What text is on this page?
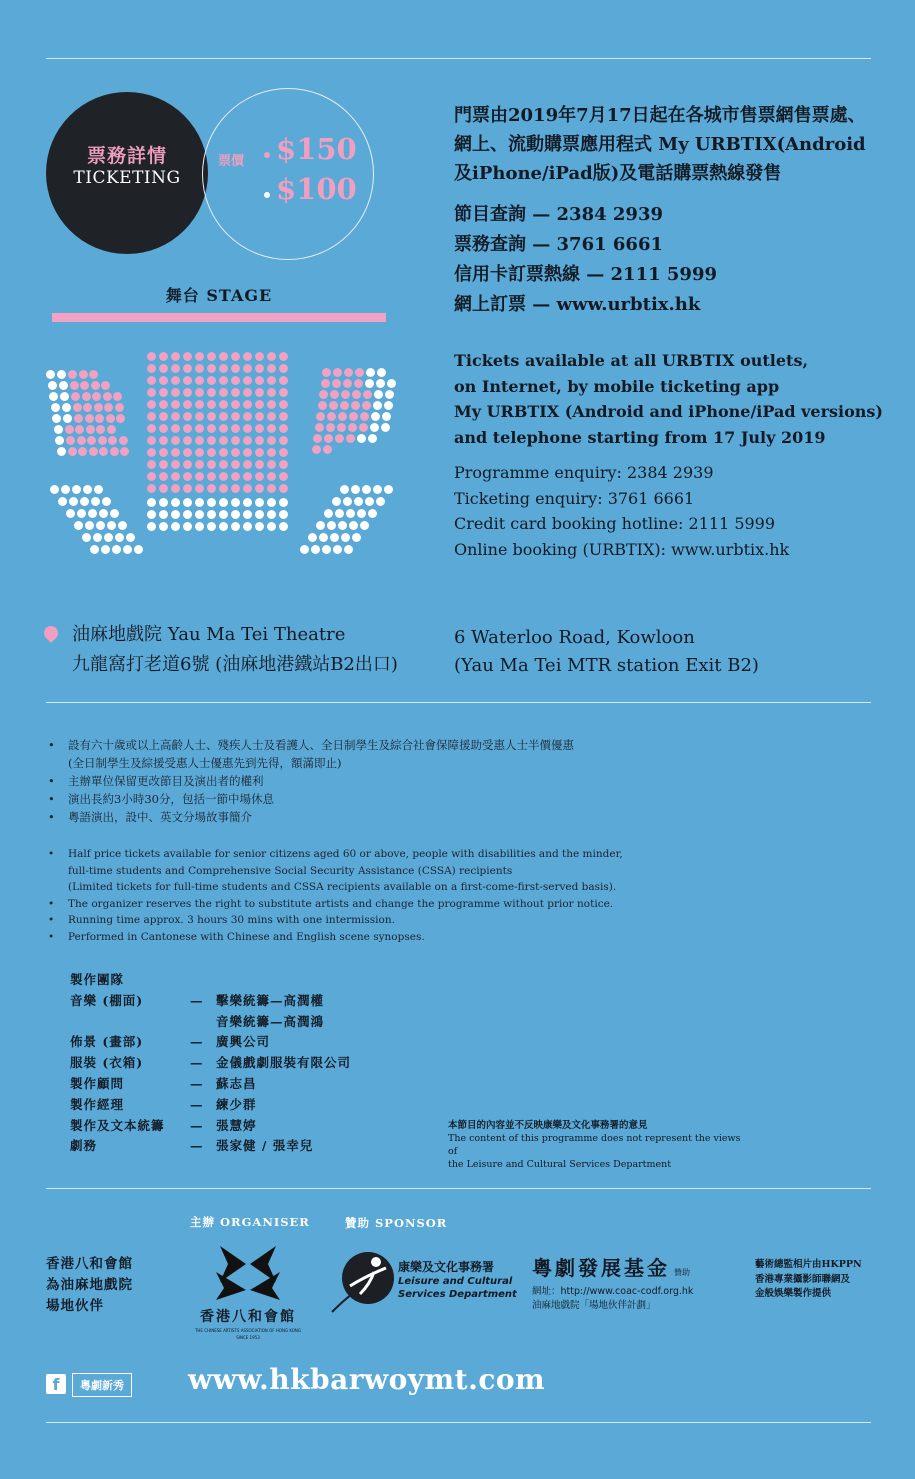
票務詳情
TICKETING
票價	$150
$100
舞台 STAGE
門票由2019年7月17日起在各城市售票網售票處、
網上、流動購票應用程式 My URBTIX(Android
及iPhone/iPad版)及電話購票熱線發售
節目查詢 — 2384 2939
票務查詢 — 3761 6661
信用卡訂票熱線 — 2111 5999
網上訂票 — www.urbtix.hk
Tickets available at all URBTIX outlets,
on Internet, by mobile ticketing app
My URBTIX (Android and iPhone/iPad versions)
and telephone starting from 17 July 2019
Programme enquiry: 2384 2939
Ticketing enquiry: 3761 6661
Credit card booking hotline: 2111 5999
Online booking (URBTIX): www.urbtix.hk
油麻地戲院 Yau Ma Tei Theatre
九龍窩打老道6號 (油麻地港鐵站B2出口)
6 Waterloo Road, Kowloon
(Yau Ma Tei MTR station Exit B2)
• 設有六十歲或以上高齡人士、殘疾人士及看護人、全日制學生及綜合社會保障援助受惠人士半價優惠
(全日制學生及綜援受惠人士優惠先到先得，額滿即止)
• 主辦單位保留更改節目及演出者的權利
• 演出長約3小時30分，包括一節中場休息
• 粵語演出，設中、英文分場故事簡介
• Half price tickets available for senior citizens aged 60 or above, people with disabilities and the minder,
full-time students and Comprehensive Social Security Assistance (CSSA) recipients
(Limited tickets for full-time students and CSSA recipients available on a first-come-first-served basis).
• The organizer reserves the right to substitute artists and change the programme without prior notice.
• Running time approx. 3 hours 30 mins with one intermission.
• Performed in Cantonese with Chinese and English scene synopses.
製作團隊
音樂 (棚面)	— 擊樂統籌—高潤權
音樂統籌—高潤鴻
佈景 (畫部)	— 廣興公司
服裝 (衣箱)	— 金儀戲劇服裝有限公司
製作顧問	— 蘇志昌
製作經理	— 練少群
製作及文本統籌 — 張慧婷
劇務	— 張家健 / 張幸兒
本節目的內容並不反映康樂及文化事務署的意見
The content of this programme does not represent the views of
the Leisure and Cultural Services Department
主辦 ORGANISER	贊助 SPONSOR
香港八和會館
為油麻地戲院
場地伙伴
香港八和會館
THE CHINESE ARTISTS ASSOCIATION OF HONG KONG
SINCE 1953
康樂及文化事務署
Leisure and Cultural
Services Department
粵劇發展基金 贊助
網址：http://www.coac-codf.org.hk
油麻地戲院「場地伙伴計劃」
藝術總監相片由HKPPN
香港專業攝影師聯網及
金般娛樂製作提供
f	粵劇新秀 www.hkbarwoymt.com
